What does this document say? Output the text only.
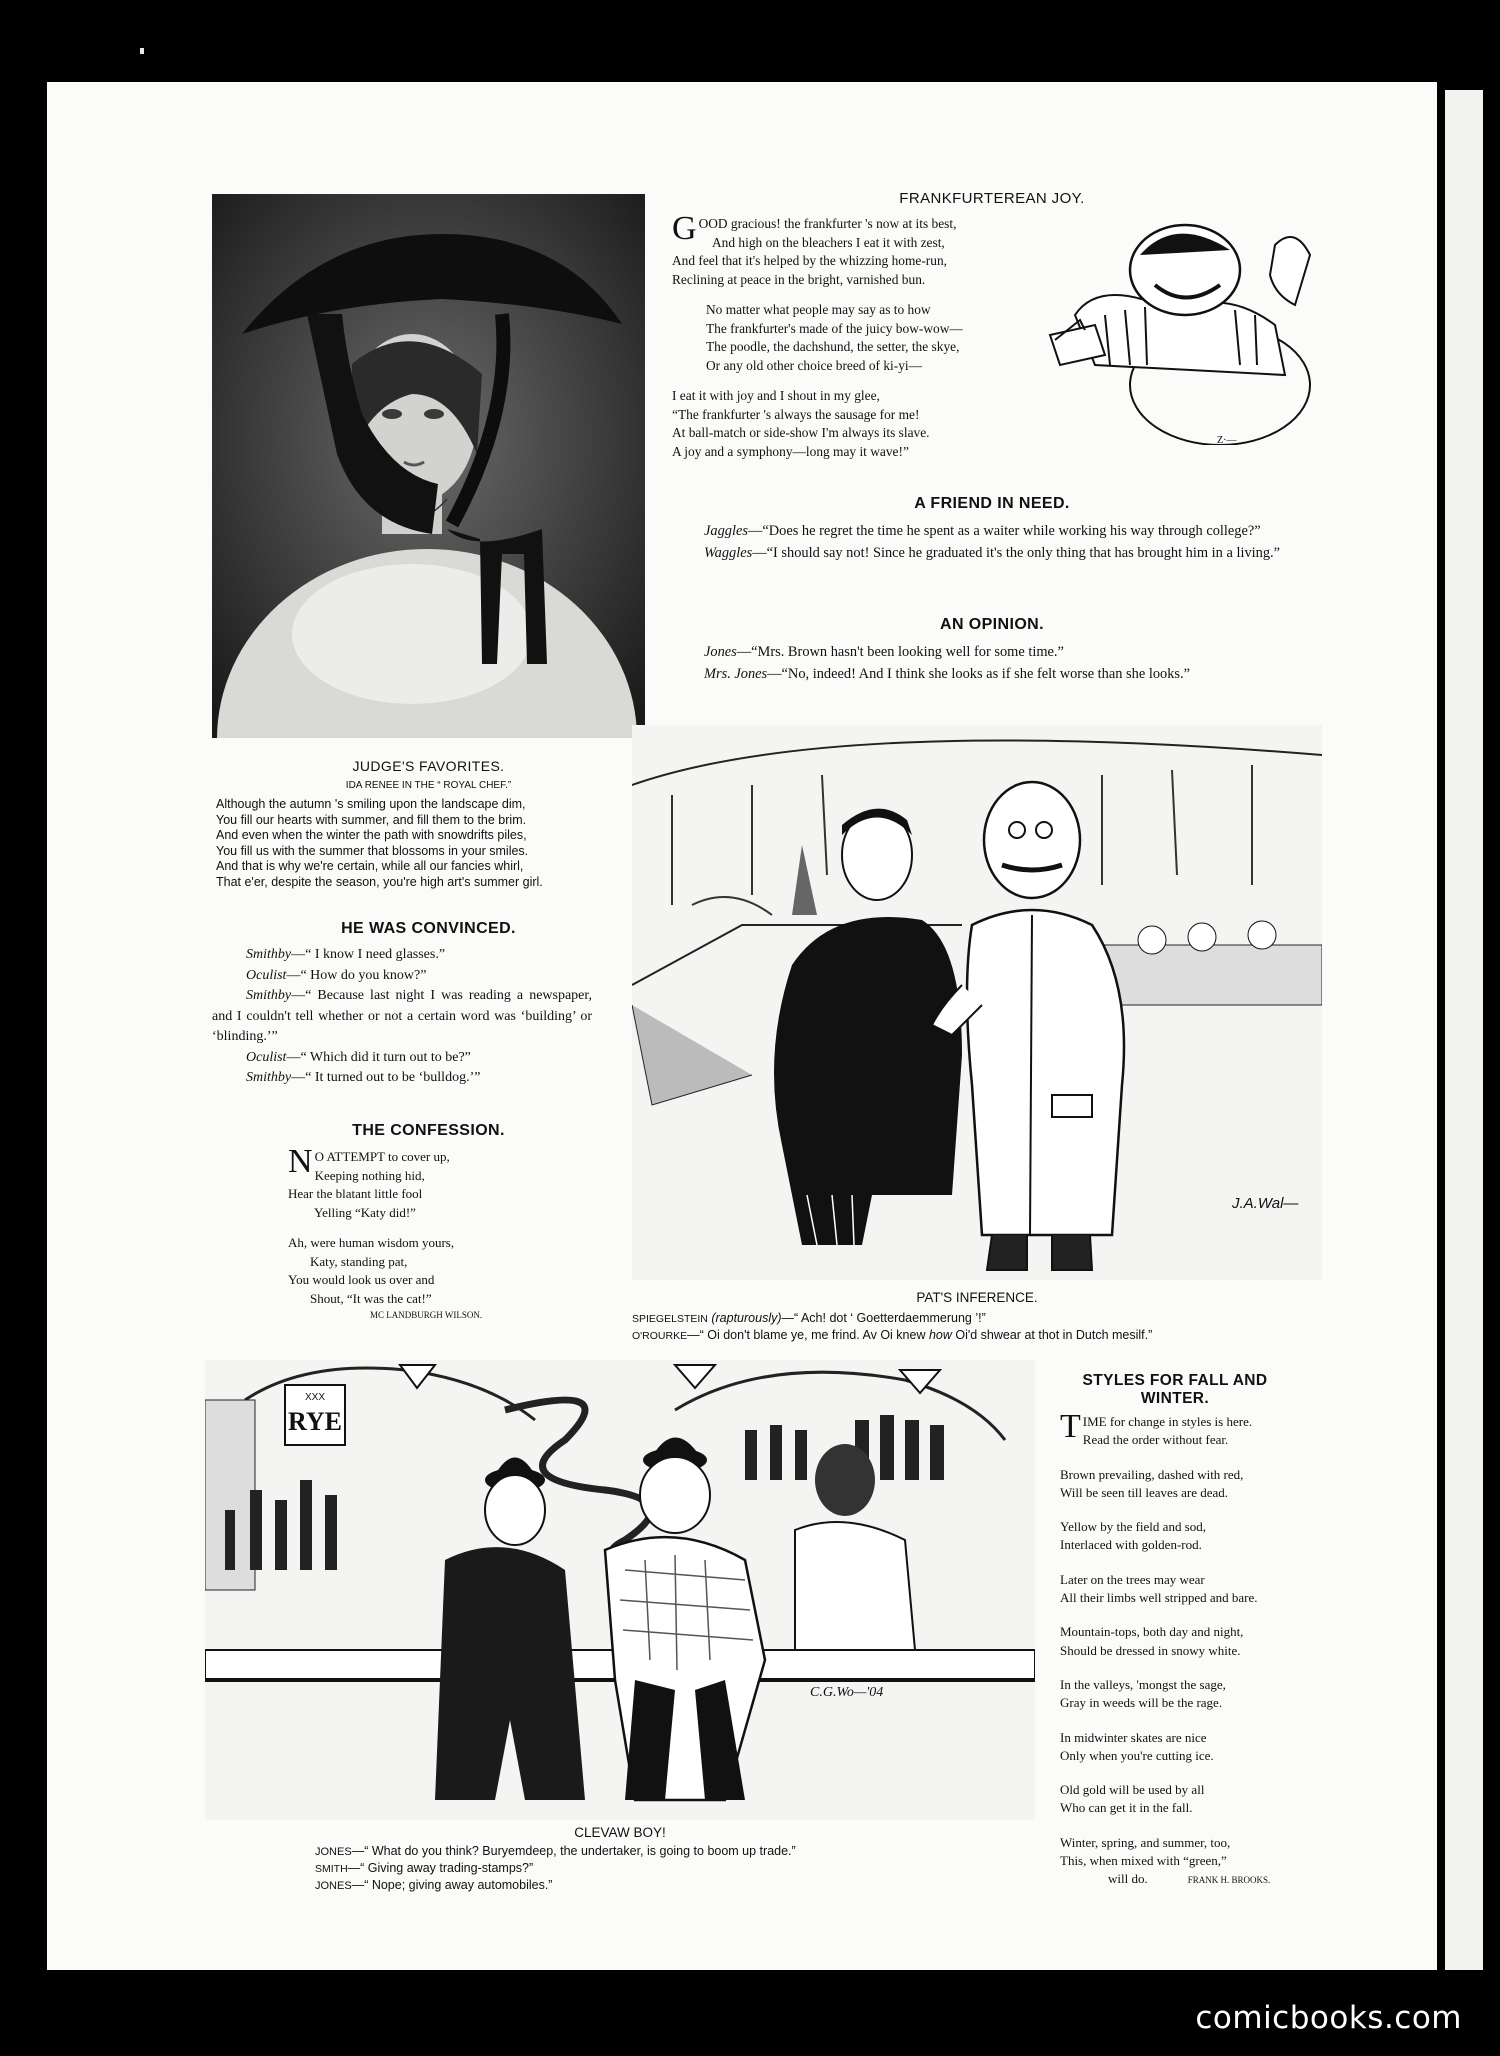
JUDGE'S FAVORITES.
IDA RENEE IN THE “ ROYAL CHEF.”
Although the autumn 's smiling upon the landscape dim,
You fill our hearts with summer, and fill them to the brim.
And even when the winter the path with snowdrifts piles,
You fill us with the summer that blossoms in your smiles.
And that is why we're certain, while all our fancies whirl,
That e'er, despite the season, you're high art's summer girl.
FRANKFURTEREAN JOY.
GOOD gracious! the frankfurter 's now at its best,
And high on the bleachers I eat it with zest,
And feel that it's helped by the whizzing home-run,
Reclining at peace in the bright, varnished bun.
No matter what people may say as to how
The frankfurter's made of the juicy bow-wow—
The poodle, the dachshund, the setter, the skye,
Or any old other choice breed of ki-yi—
I eat it with joy and I shout in my glee,
“The frankfurter 's always the sausage for me!
At ball-match or side-show I'm always its slave.
A joy and a symphony—long may it wave!”
Z·—
A FRIEND IN NEED.
Jaggles—“Does he regret the time he spent as a waiter while working his way through college?”
Waggles—“I should say not! Since he graduated it's the only thing that has brought him in a living.”
AN OPINION.
Jones—“Mrs. Brown hasn't been looking well for some time.”
Mrs. Jones—“No, indeed! And I think she looks as if she felt worse than she looks.”
J.A.Wal—
PAT'S INFERENCE.
SPIEGELSTEIN (rapturously)—“ Ach! dot ‘ Goetterdaemmerung ’!”
O'ROURKE—“ Oi don't blame ye, me frind. Av Oi knew how Oi'd shwear at thot in Dutch mesilf.”
HE WAS CONVINCED.
Smithby—“ I know I need glasses.”
Oculist—“ How do you know?”
Smithby—“ Because last night I was reading a newspaper, and I couldn't tell whether or not a certain word was ‘building’ or ‘blinding.’”
Oculist—“ Which did it turn out to be?”
Smithby—“ It turned out to be ‘bulldog.’”
THE CONFESSION.
N O ATTEMPT to cover up,
Keeping nothing hid,
Hear the blatant little fool
Yelling “Katy did!”
Ah, were human wisdom yours,
Katy, standing pat,
You would look us over and
Shout, “It was the cat!”
MC LANDBURGH WILSON.
RYE
XXX
C.G.Wo—'04
CLEVAW BOY!
JONES—“ What do you think? Buryemdeep, the undertaker, is going to boom up trade.”
SMITH—“ Giving away trading-stamps?”
JONES—“ Nope; giving away automobiles.”
STYLES FOR FALL AND WINTER.
TIME for change in styles is here.
Read the order without fear.
Brown prevailing, dashed with red,
Will be seen till leaves are dead.
Yellow by the field and sod,
Interlaced with golden-rod.
Later on the trees may wear
All their limbs well stripped and bare.
Mountain-tops, both day and night,
Should be dressed in snowy white.
In the valleys, 'mongst the sage,
Gray in weeds will be the rage.
In midwinter skates are nice
Only when you're cutting ice.
Old gold will be used by all
Who can get it in the fall.
Winter, spring, and summer, too,
This, when mixed with “green,”
will do.	FRANK H. BROOKS.
comicbooks.com
